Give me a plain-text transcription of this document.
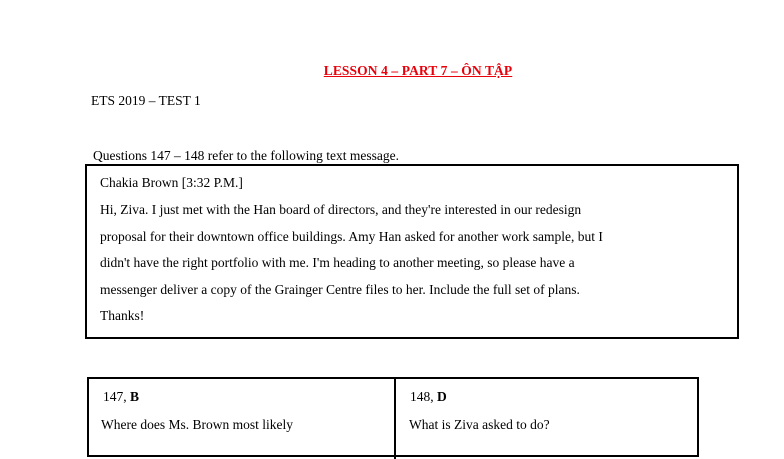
LESSON 4 – PART 7 – ÔN TẬP
ETS 2019 – TEST 1
Questions 147 – 148 refer to the following text message.
Chakia Brown [3:32 P.M.]
Hi, Ziva. I just met with the Han board of directors, and they're interested in our redesign
proposal for their downtown office buildings. Amy Han asked for another work sample, but I
didn't have the right portfolio with me. I'm heading to another meeting, so please have a
messenger deliver a copy of the Grainger Centre files to her. Include the full set of plans.
Thanks!
147, B
Where does Ms. Brown most likely
148, D
What is Ziva asked to do?
